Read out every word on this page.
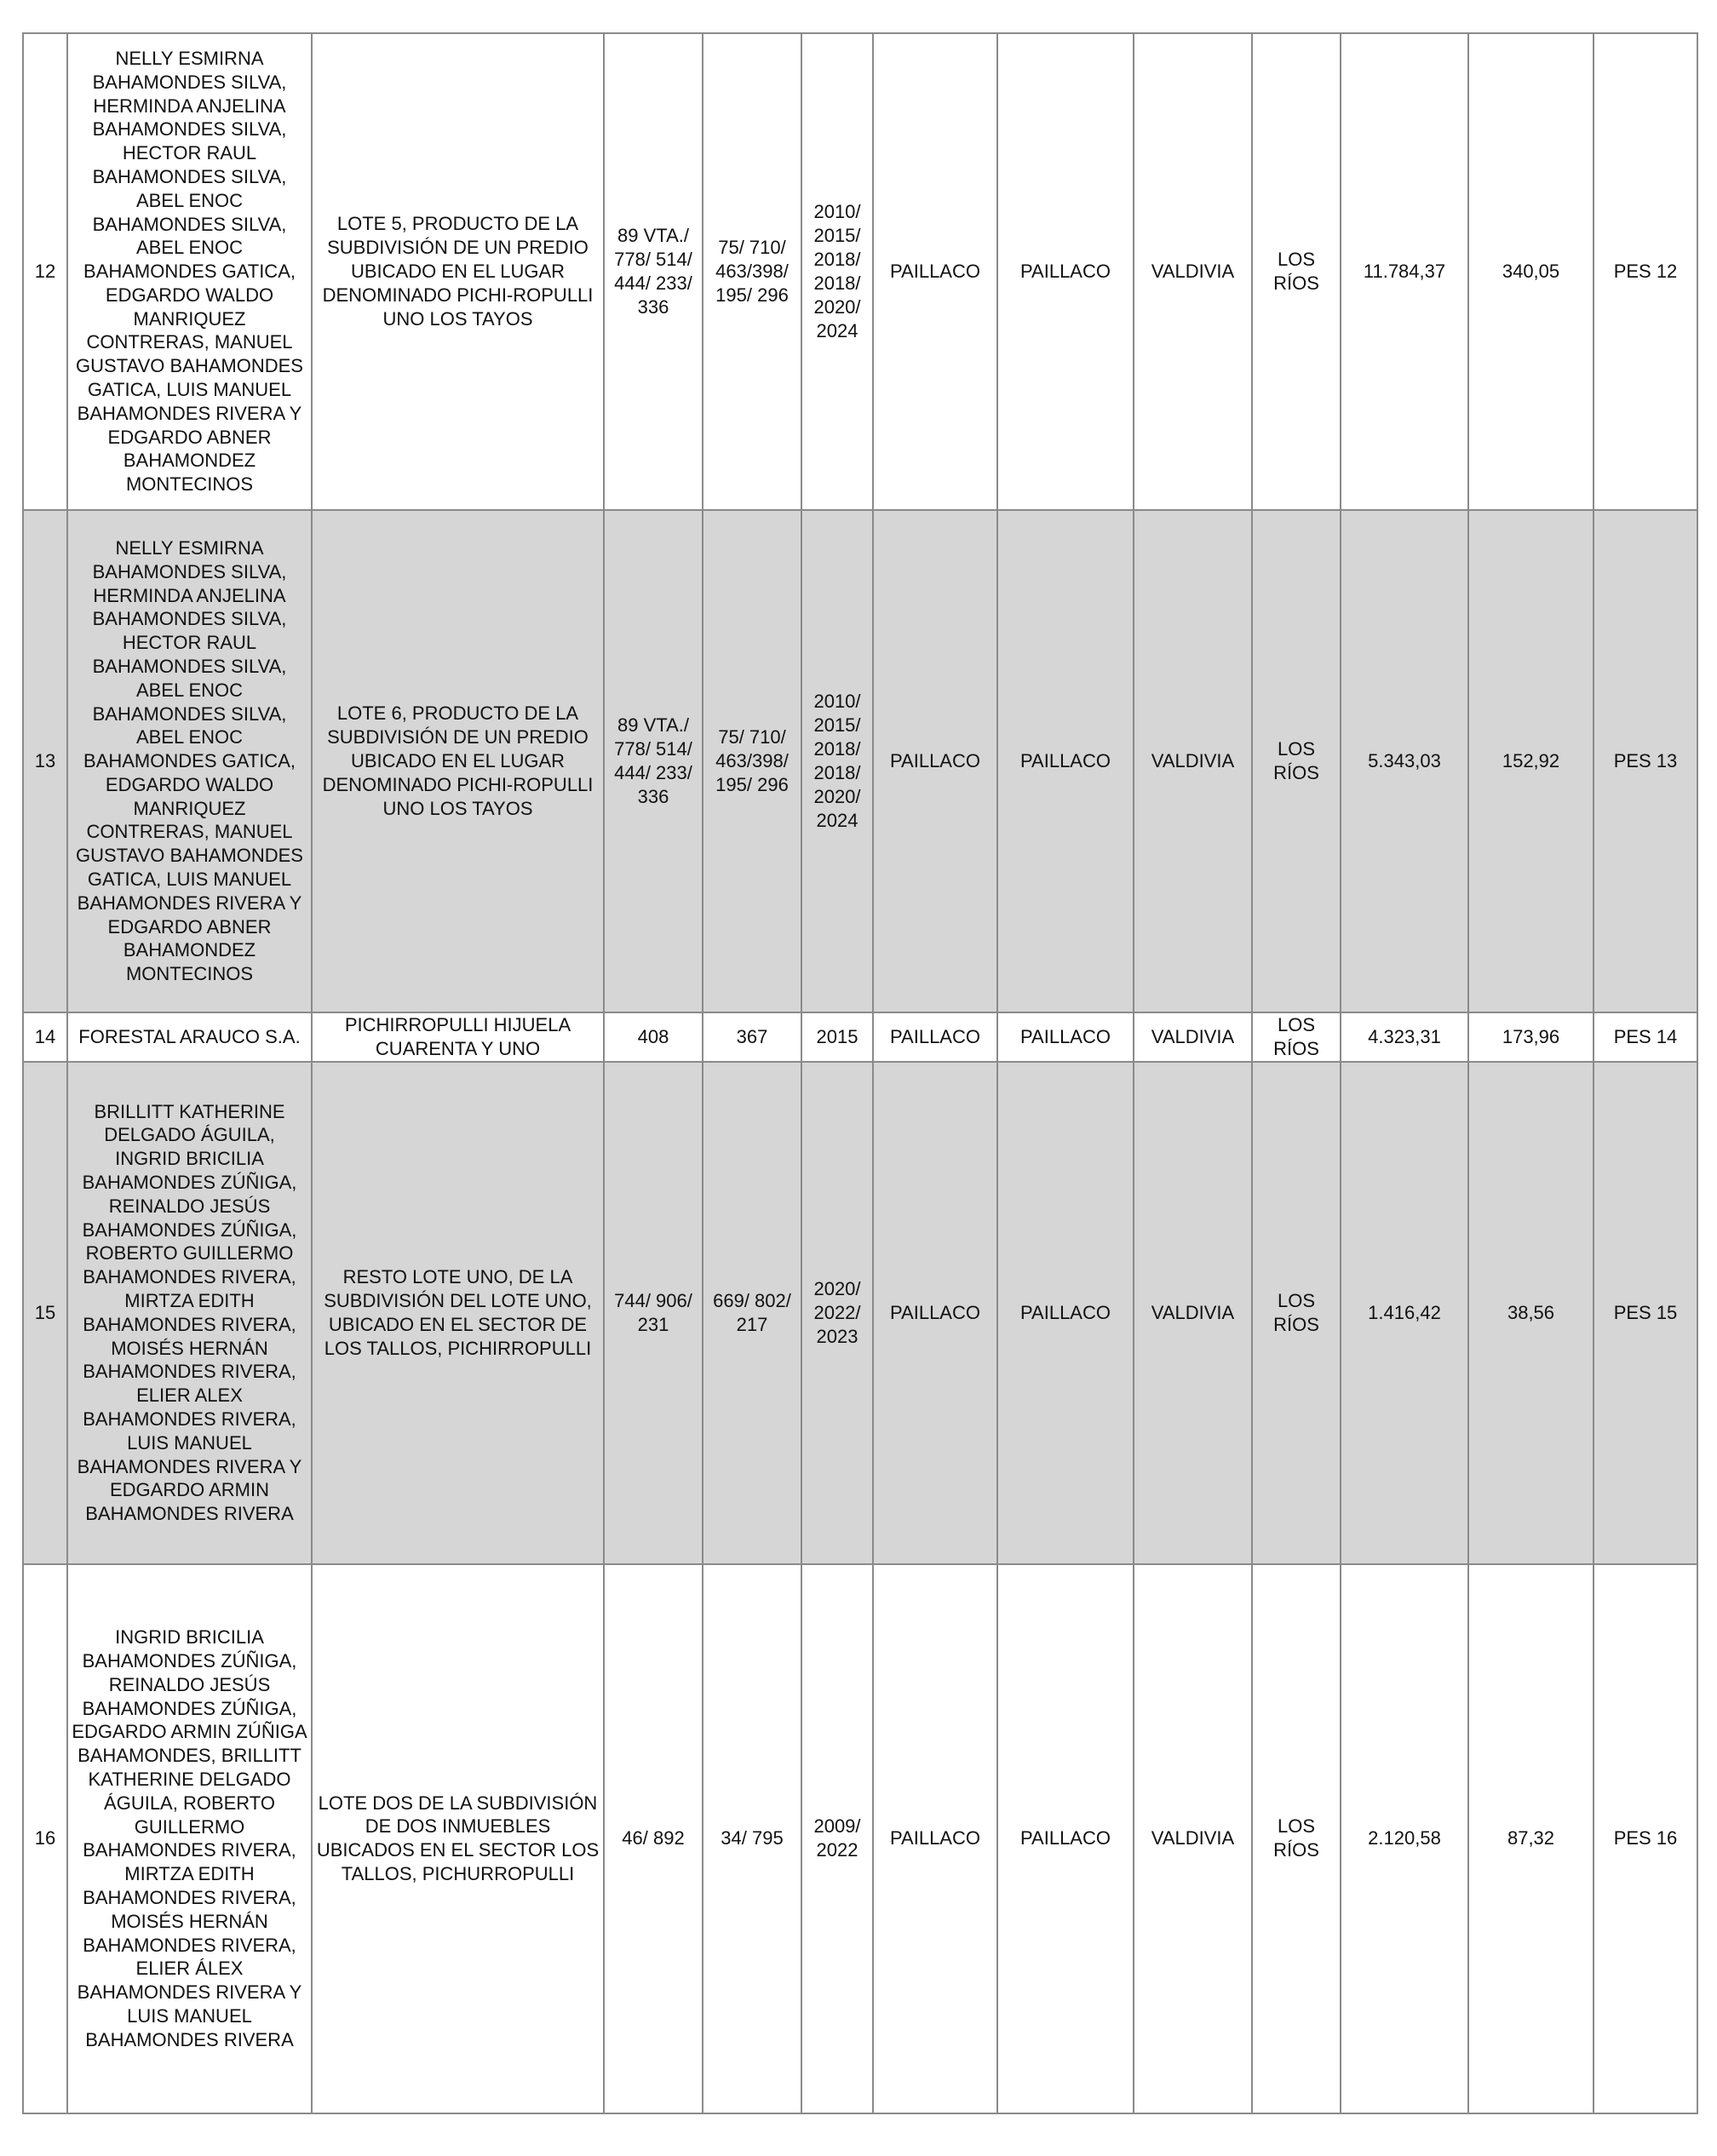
12	NELLY ESMIRNA BAHAMONDES SILVA, HERMINDA ANJELINA BAHAMONDES SILVA, HECTOR RAUL BAHAMONDES SILVA, ABEL ENOC BAHAMONDES SILVA, ABEL ENOC BAHAMONDES GATICA, EDGARDO WALDO MANRIQUEZ CONTRERAS, MANUEL GUSTAVO BAHAMONDES GATICA, LUIS MANUEL BAHAMONDES RIVERA Y EDGARDO ABNER BAHAMONDEZ MONTECINOS	LOTE 5, PRODUCTO DE LA SUBDIVISIÓN DE UN PREDIO UBICADO EN EL LUGAR DENOMINADO PICHI-ROPULLI UNO LOS TAYOS	89 VTA./ 778/ 514/ 444/ 233/ 336	75/ 710/ 463/398/ 195/ 296	2010/ 2015/ 2018/ 2018/ 2020/ 2024	PAILLACO	PAILLACO	VALDIVIA	LOS RÍOS	11.784,37	340,05	PES 12
13	NELLY ESMIRNA BAHAMONDES SILVA, HERMINDA ANJELINA BAHAMONDES SILVA, HECTOR RAUL BAHAMONDES SILVA, ABEL ENOC BAHAMONDES SILVA, ABEL ENOC BAHAMONDES GATICA, EDGARDO WALDO MANRIQUEZ CONTRERAS, MANUEL GUSTAVO BAHAMONDES GATICA, LUIS MANUEL BAHAMONDES RIVERA Y EDGARDO ABNER BAHAMONDEZ MONTECINOS	LOTE 6, PRODUCTO DE LA SUBDIVISIÓN DE UN PREDIO UBICADO EN EL LUGAR DENOMINADO PICHI-ROPULLI UNO LOS TAYOS	89 VTA./ 778/ 514/ 444/ 233/ 336	75/ 710/ 463/398/ 195/ 296	2010/ 2015/ 2018/ 2018/ 2020/ 2024	PAILLACO	PAILLACO	VALDIVIA	LOS RÍOS	5.343,03	152,92	PES 13
14	FORESTAL ARAUCO S.A.	PICHIRROPULLI HIJUELA CUARENTA Y UNO	408	367	2015	PAILLACO	PAILLACO	VALDIVIA	LOS RÍOS	4.323,31	173,96	PES 14
15	BRILLITT KATHERINE DELGADO ÁGUILA, INGRID BRICILIA BAHAMONDES ZÚÑIGA, REINALDO JESÚS BAHAMONDES ZÚÑIGA, ROBERTO GUILLERMO BAHAMONDES RIVERA, MIRTZA EDITH BAHAMONDES RIVERA, MOISÉS HERNÁN BAHAMONDES RIVERA, ELIER ALEX BAHAMONDES RIVERA, LUIS MANUEL BAHAMONDES RIVERA Y EDGARDO ARMIN BAHAMONDES RIVERA	RESTO LOTE UNO, DE LA SUBDIVISIÓN DEL LOTE UNO, UBICADO EN EL SECTOR DE LOS TALLOS, PICHIRROPULLI	744/ 906/ 231	669/ 802/ 217	2020/ 2022/ 2023	PAILLACO	PAILLACO	VALDIVIA	LOS RÍOS	1.416,42	38,56	PES 15
16	INGRID BRICILIA BAHAMONDES ZÚÑIGA, REINALDO JESÚS BAHAMONDES ZÚÑIGA, EDGARDO ARMIN ZÚÑIGA BAHAMONDES, BRILLITT KATHERINE DELGADO ÁGUILA, ROBERTO GUILLERMO BAHAMONDES RIVERA, MIRTZA EDITH BAHAMONDES RIVERA, MOISÉS HERNÁN BAHAMONDES RIVERA, ELIER ÁLEX BAHAMONDES RIVERA Y LUIS MANUEL BAHAMONDES RIVERA	LOTE DOS DE LA SUBDIVISIÓN DE DOS INMUEBLES UBICADOS EN EL SECTOR LOS TALLOS, PICHURROPULLI	46/ 892	34/ 795	2009/ 2022	PAILLACO	PAILLACO	VALDIVIA	LOS RÍOS	2.120,58	87,32	PES 16
